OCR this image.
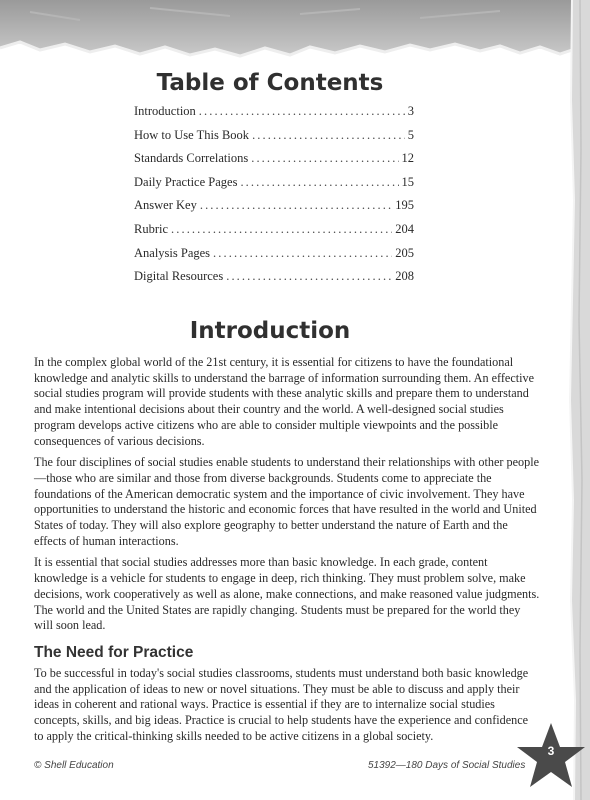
Table of Contents
Introduction .....	3
How to Use This Book .....	5
Standards Correlations .....	12
Daily Practice Pages .....	15
Answer Key .....	195
Rubric .....	204
Analysis Pages .....	205
Digital Resources .....	208
Introduction

In the complex global world of the 21st century, it is essential for citizens to have the foundational knowledge and analytic skills to understand the barrage of information surrounding them. An effective social studies program will provide students with these analytic skills and prepare them to understand and make intentional decisions about their country and the world. A well-designed social studies program develops active citizens who are able to consider multiple viewpoints and the possible consequences of various decisions.

The four disciplines of social studies enable students to understand their relationships with other people—those who are similar and those from diverse backgrounds. Students come to appreciate the foundations of the American democratic system and the importance of civic involvement. They have opportunities to understand the historic and economic forces that have resulted in the world and United States of today. They will also explore geography to better understand the nature of Earth and the effects of human interactions.

It is essential that social studies addresses more than basic knowledge. In each grade, content knowledge is a vehicle for students to engage in deep, rich thinking. They must problem solve, make decisions, work cooperatively as well as alone, make connections, and make reasoned value judgments. The world and the United States are rapidly changing. Students must be prepared for the world they will soon lead.

The Need for Practice

To be successful in today's social studies classrooms, students must understand both basic knowledge and the application of ideas to new or novel situations. They must be able to discuss and apply their ideas in coherent and rational ways. Practice is essential if they are to internalize social studies concepts, skills, and big ideas. Practice is crucial to help students have the experience and confidence to apply the critical-thinking skills needed to be active citizens in a global society.

© Shell Education	51392—180 Days of Social Studies
3
